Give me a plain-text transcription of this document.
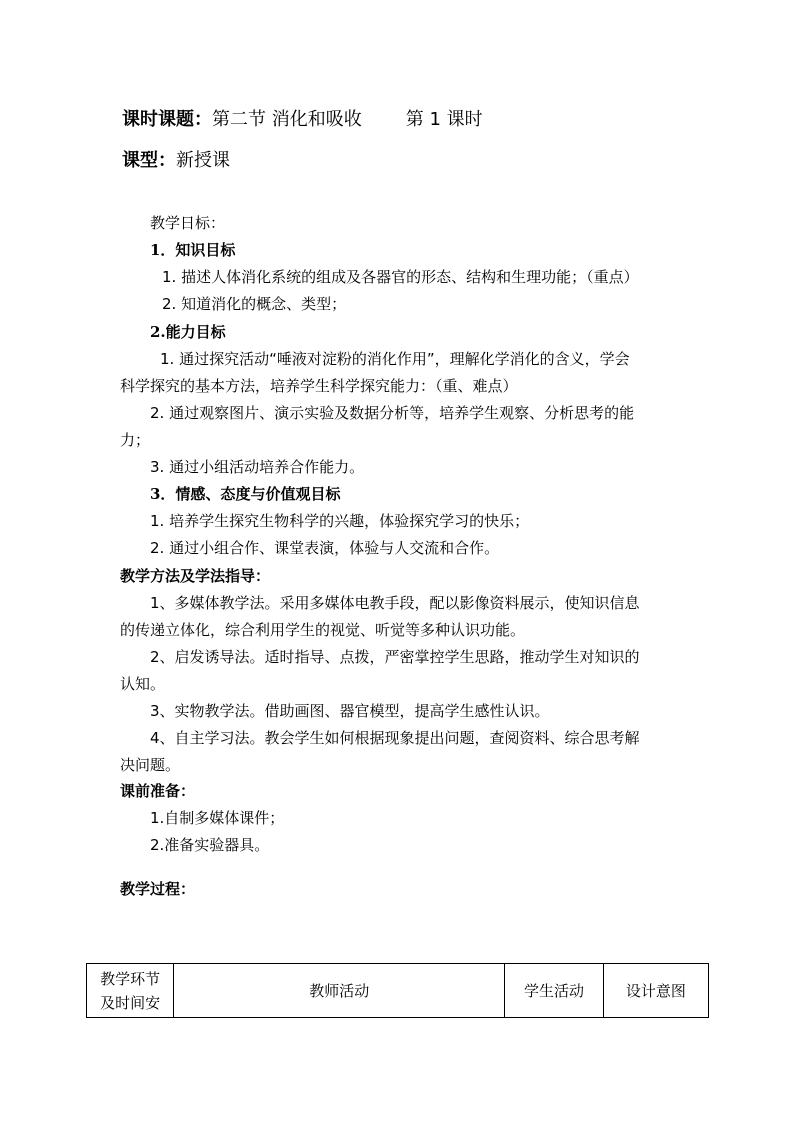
课时课题：第二节 消化和吸收 第 1 课时
课型：新授课
教学日标：
1．知识目标
1. 描述人体消化系统的组成及各器官的形态、结构和生理功能；（重点）
2. 知道消化的概念、类型；
2.能力目标
1. 通过探究活动“唾液对淀粉的消化作用”，理解化学消化的含义，学会
科学探究的基本方法，培养学生科学探究能力：（重、难点）
2. 通过观察图片、演示实验及数据分析等，培养学生观察、分析思考的能
力；
3. 通过小组活动培养合作能力。
3．情感、态度与价值观目标
1. 培养学生探究生物科学的兴趣，体验探究学习的快乐；
2. 通过小组合作、课堂表演，体验与人交流和合作。
教学方法及学法指导：
1、多媒体教学法。采用多媒体电教手段，配以影像资料展示，使知识信息
的传递立体化，综合利用学生的视觉、听觉等多种认识功能。
2、启发诱导法。适时指导、点拨，严密掌控学生思路，推动学生对知识的
认知。
3、实物教学法。借助画图、器官模型，提高学生感性认识。
4、自主学习法。教会学生如何根据现象提出问题，查阅资料、综合思考解
决问题。
课前准备：
1.自制多媒体课件；
2.准备实验器具。
教学过程：
教学环节
及时间安
	教师活动	学生活动	设计意图
